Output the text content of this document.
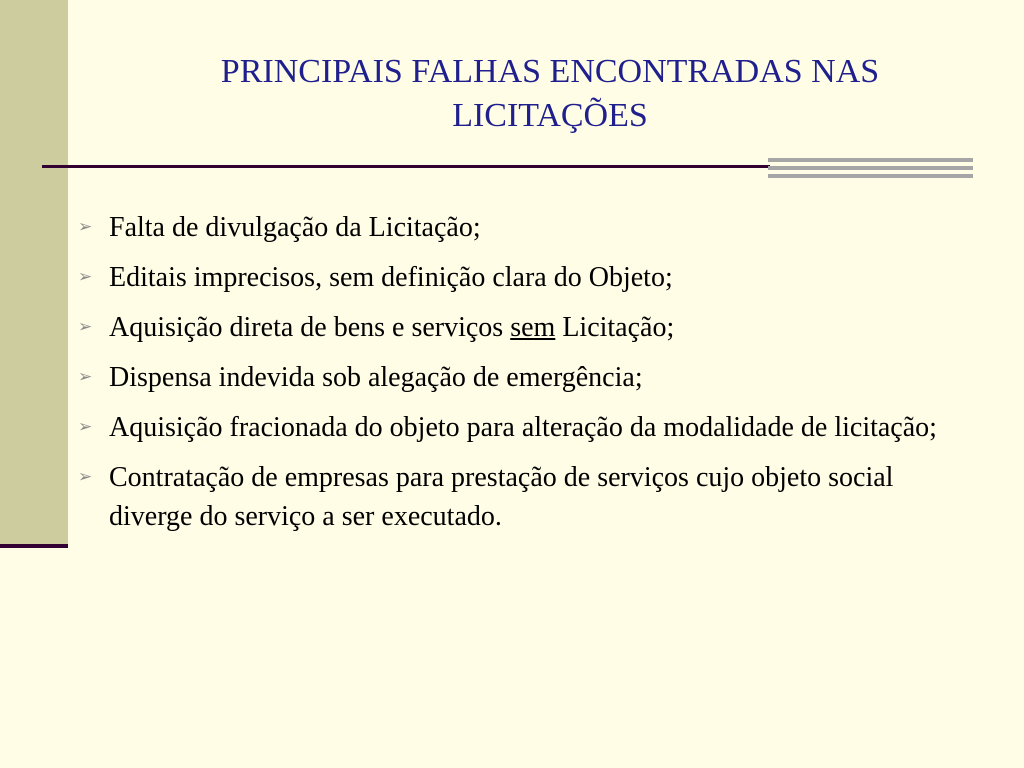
PRINCIPAIS FALHAS ENCONTRADAS NAS
LICITAÇÕES
➢ Falta de divulgação da Licitação;
➢ Editais imprecisos, sem definição clara do Objeto;
➢ Aquisição direta de bens e serviços sem Licitação;
➢ Dispensa indevida sob alegação de emergência;
➢ Aquisição fracionada do objeto para alteração da modalidade de licitação;
➢ Contratação de empresas para prestação de serviços cujo objeto social diverge do serviço a ser executado.
